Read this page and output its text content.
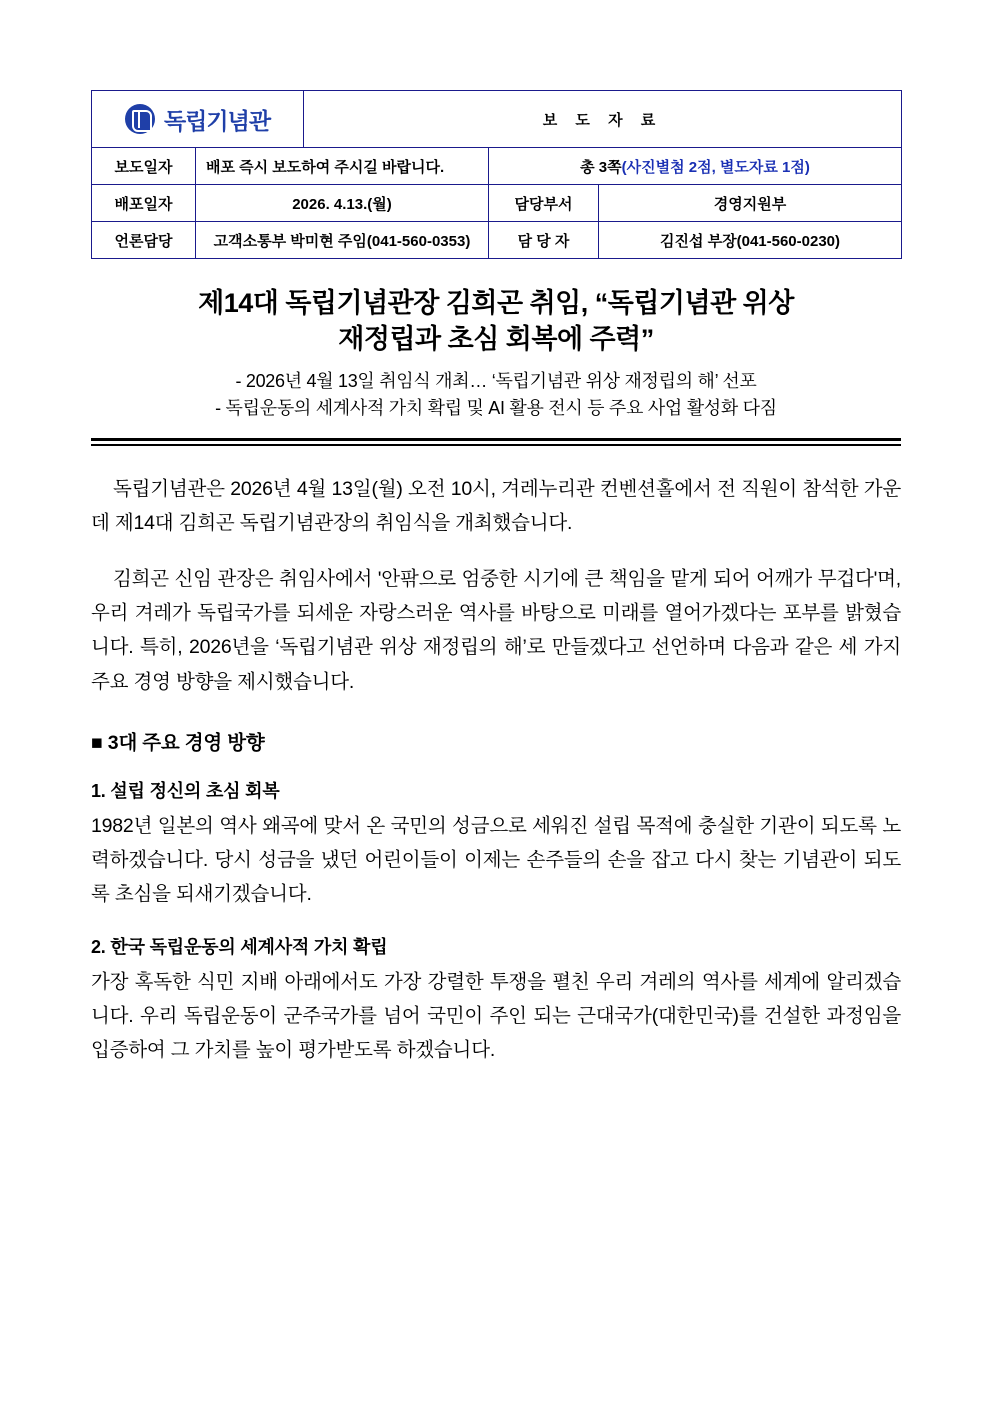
독립기념관		보 도 자 료		
보도일자	배포 즉시 보도하여 주시길 바랍니다.		총 3쪽(사진별첨 2점, 별도자료 1점)	
배포일자	2026. 4.13.(월)		담당부서	경영지원부
언론담당	고객소통부 박미현 주임(041-560-0353)		담 당 자	김진섭 부장(041-560-0230)
제14대 독립기념관장 김희곤 취임, “독립기념관 위상
재정립과 초심 회복에 주력”
- 2026년 4월 13일 취임식 개최… ‘독립기념관 위상 재정립의 해’ 선포
- 독립운동의 세계사적 가치 확립 및 AI 활용 전시 등 주요 사업 활성화 다짐

독립기념관은 2026년 4월 13일(월) 오전 10시, 겨레누리관 컨벤션홀에서 전 직원이 참석한 가운데 제14대 김희곤 독립기념관장의 취임식을 개최했습니다.

김희곤 신임 관장은 취임사에서 '안팎으로 엄중한 시기에 큰 책임을 맡게 되어 어깨가 무겁다'며, 우리 겨레가 독립국가를 되세운 자랑스러운 역사를 바탕으로 미래를 열어가겠다는 포부를 밝혔습니다. 특히, 2026년을 ‘독립기념관 위상 재정립의 해’로 만들겠다고 선언하며 다음과 같은 세 가지 주요 경영 방향을 제시했습니다.

■ 3대 주요 경영 방향
1. 설립 정신의 초심 회복

1982년 일본의 역사 왜곡에 맞서 온 국민의 성금으로 세워진 설립 목적에 충실한 기관이 되도록 노력하겠습니다. 당시 성금을 냈던 어린이들이 이제는 손주들의 손을 잡고 다시 찾는 기념관이 되도록 초심을 되새기겠습니다.

2. 한국 독립운동의 세계사적 가치 확립

가장 혹독한 식민 지배 아래에서도 가장 강렬한 투쟁을 펼친 우리 겨레의 역사를 세계에 알리겠습니다. 우리 독립운동이 군주국가를 넘어 국민이 주인 되는 근대국가(대한민국)를 건설한 과정임을 입증하여 그 가치를 높이 평가받도록 하겠습니다.
